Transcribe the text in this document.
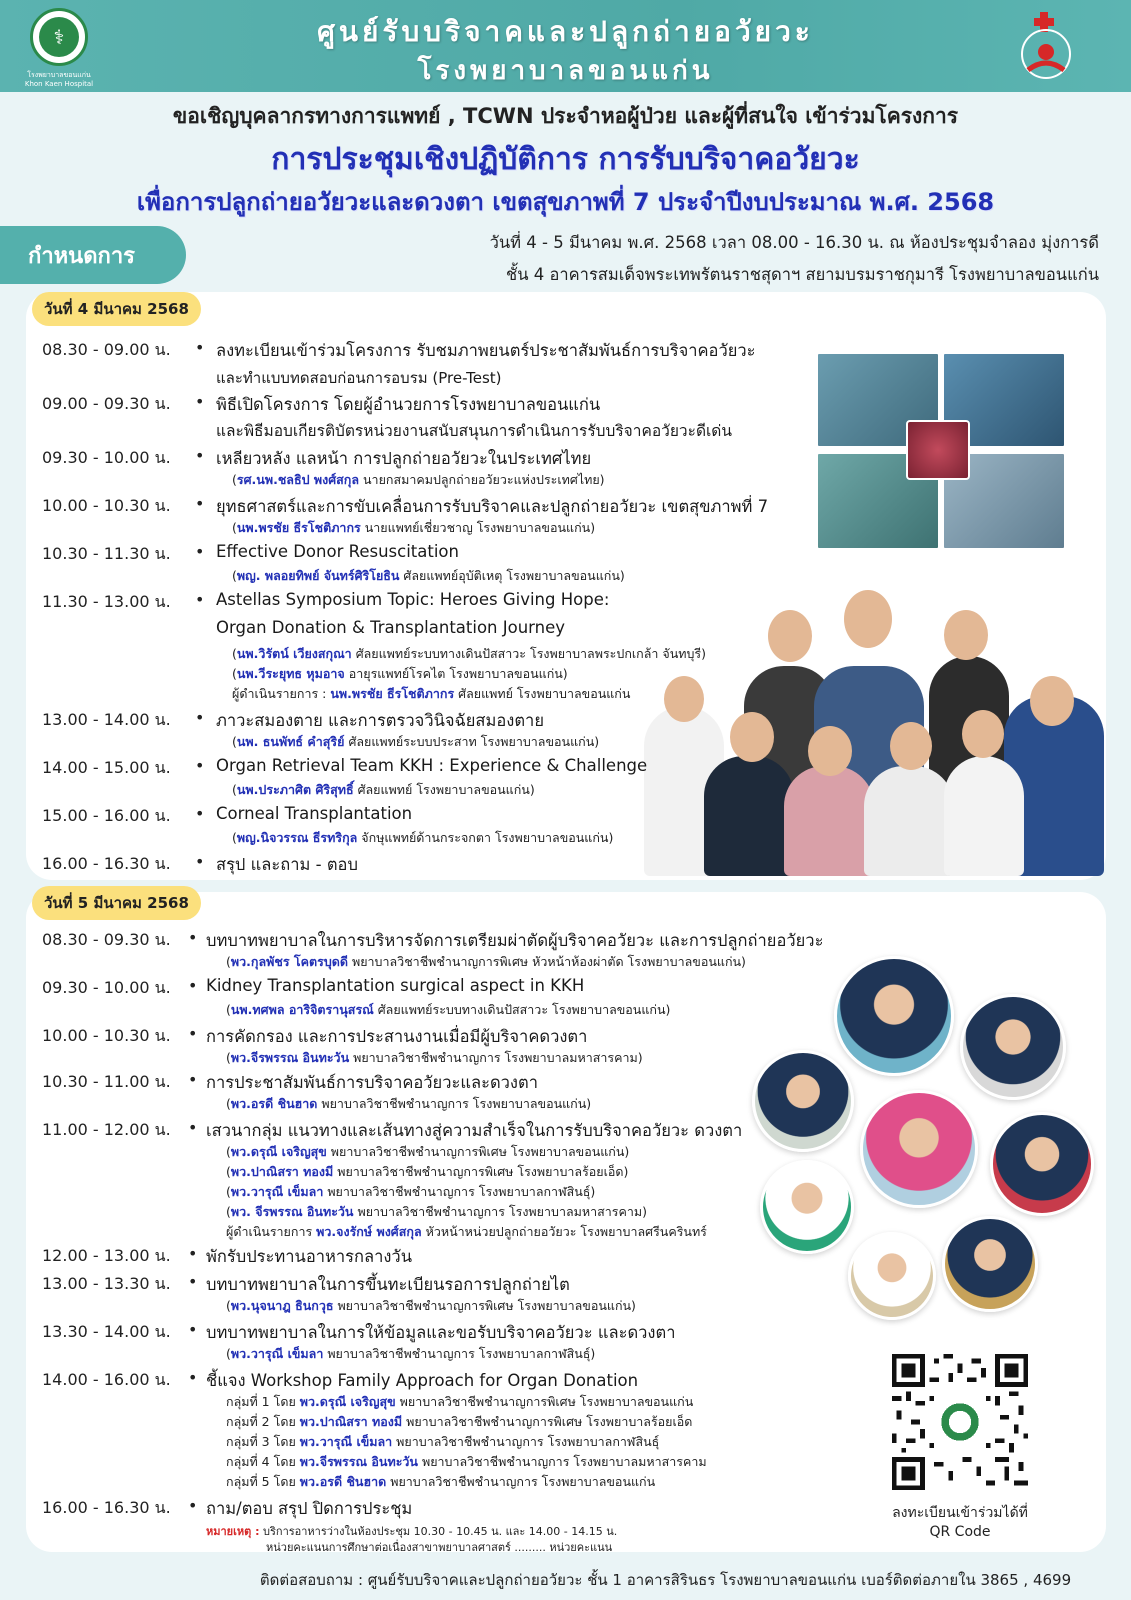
⚕
โรงพยาบาลขอนแก่น
Khon Kaen Hospital
ศูนย์รับบริจาคและปลูกถ่ายอวัยวะ
โรงพยาบาลขอนแก่น
ขอเชิญบุคลากรทางการแพทย์ , TCWN ประจำหอผู้ป่วย และผู้ที่สนใจ เข้าร่วมโครงการ
การประชุมเชิงปฏิบัติการ การรับบริจาคอวัยวะ
เพื่อการปลูกถ่ายอวัยวะและดวงตา เขตสุขภาพที่ 7 ประจำปีงบประมาณ พ.ศ. 2568
กำหนดการ
วันที่ 4 - 5 มีนาคม พ.ศ. 2568 เวลา 08.00 - 16.30 น. ณ ห้องประชุมจำลอง มุ่งการดี
ชั้น 4 อาคารสมเด็จพระเทพรัตนราชสุดาฯ สยามบรมราชกุมารี โรงพยาบาลขอนแก่น
วันที่ 4 มีนาคม 2568
วันที่ 5 มีนาคม 2568
08.30 - 09.00 น. • ลงทะเบียนเข้าร่วมโครงการ รับชมภาพยนตร์ประชาสัมพันธ์การบริจาคอวัยวะ
และทำแบบทดสอบก่อนการอบรม (Pre-Test)
09.00 - 09.30 น. • พิธีเปิดโครงการ โดยผู้อำนวยการโรงพยาบาลขอนแก่น
และพิธีมอบเกียรติบัตรหน่วยงานสนับสนุนการดำเนินการรับบริจาคอวัยวะดีเด่น
09.30 - 10.00 น. • เหลียวหลัง แลหน้า การปลูกถ่ายอวัยวะในประเทศไทย
(รศ.นพ.ชลธิป พงศ์สกุล นายกสมาคมปลูกถ่ายอวัยวะแห่งประเทศไทย)
10.00 - 10.30 น. • ยุทธศาสตร์และการขับเคลื่อนการรับบริจาคและปลูกถ่ายอวัยวะ เขตสุขภาพที่ 7
(นพ.พรชัย ธีรโชติภากร นายแพทย์เชี่ยวชาญ โรงพยาบาลขอนแก่น)
10.30 - 11.30 น. • Effective Donor Resuscitation
(พญ. พลอยทิพย์ จันทร์ศิริโยธิน ศัลยแพทย์อุบัติเหตุ โรงพยาบาลขอนแก่น)
11.30 - 13.00 น. • Astellas Symposium Topic: Heroes Giving Hope:
Organ Donation & Transplantation Journey
(นพ.วิรัตน์ เวียงสกุณา ศัลยแพทย์ระบบทางเดินปัสสาวะ โรงพยาบาลพระปกเกล้า จันทบุรี)
(นพ.วีระยุทธ หุมอาจ อายุรแพทย์โรคไต โรงพยาบาลขอนแก่น)
ผู้ดำเนินรายการ : นพ.พรชัย ธีรโชติภากร ศัลยแพทย์ โรงพยาบาลขอนแก่น
13.00 - 14.00 น. • ภาวะสมองตาย และการตรวจวินิจฉัยสมองตาย
(นพ. ธนพัทธ์ คำสุริย์ ศัลยแพทย์ระบบประสาท โรงพยาบาลขอนแก่น)
14.00 - 15.00 น. • Organ Retrieval Team KKH : Experience & Challenge
(นพ.ประภาศิต ศิริสุทธิ์ ศัลยแพทย์ โรงพยาบาลขอนแก่น)
15.00 - 16.00 น. • Corneal Transplantation
(พญ.นิจวรรณ ธีรทริกุล จักษุแพทย์ด้านกระจกตา โรงพยาบาลขอนแก่น)
16.00 - 16.30 น. • สรุป และถาม - ตอบ
08.30 - 09.30 น. • บทบาทพยาบาลในการบริหารจัดการเตรียมผ่าตัดผู้บริจาคอวัยวะ และการปลูกถ่ายอวัยวะ
(พว.กุลพัชร โคตรบุดดี พยาบาลวิชาชีพชำนาญการพิเศษ หัวหน้าห้องผ่าตัด โรงพยาบาลขอนแก่น)
09.30 - 10.00 น. • Kidney Transplantation surgical aspect in KKH
(นพ.ทศพล อาริจิตรานุสรณ์ ศัลยแพทย์ระบบทางเดินปัสสาวะ โรงพยาบาลขอนแก่น)
10.00 - 10.30 น. • การคัดกรอง และการประสานงานเมื่อมีผู้บริจาคดวงตา
(พว.จีรพรรณ อินทะวัน พยาบาลวิชาชีพชำนาญการ โรงพยาบาลมหาสารคาม)
10.30 - 11.00 น. • การประชาสัมพันธ์การบริจาคอวัยวะและดวงตา
(พว.อรดี ชินฮาด พยาบาลวิชาชีพชำนาญการ โรงพยาบาลขอนแก่น)
11.00 - 12.00 น. • เสวนากลุ่ม แนวทางและเส้นทางสู่ความสำเร็จในการรับบริจาคอวัยวะ ดวงตา
(พว.ดรุณี เจริญสุข พยาบาลวิชาชีพชำนาญการพิเศษ โรงพยาบาลขอนแก่น)
(พว.ปาณิสรา ทองมี พยาบาลวิชาชีพชำนาญการพิเศษ โรงพยาบาลร้อยเอ็ด)
(พว.วารุณี เข็มลา พยาบาลวิชาชีพชำนาญการ โรงพยาบาลกาฬสินธุ์)
(พว. จีรพรรณ อินทะวัน พยาบาลวิชาชีพชำนาญการ โรงพยาบาลมหาสารคาม)
ผู้ดำเนินรายการ พว.จงรักษ์ พงศ์สกุล หัวหน้าหน่วยปลูกถ่ายอวัยวะ โรงพยาบาลศรีนครินทร์
12.00 - 13.00 น. • พักรับประทานอาหารกลางวัน
13.00 - 13.30 น. • บทบาทพยาบาลในการขึ้นทะเบียนรอการปลูกถ่ายไต
(พว.นุจนาฎ ธินกวุธ พยาบาลวิชาชีพชำนาญการพิเศษ โรงพยาบาลขอนแก่น)
13.30 - 14.00 น. • บทบาทพยาบาลในการให้ข้อมูลและขอรับบริจาคอวัยวะ และดวงตา
(พว.วารุณี เข็มลา พยาบาลวิชาชีพชำนาญการ โรงพยาบาลกาฬสินธุ์)
14.00 - 16.00 น. • ชี้แจง Workshop Family Approach for Organ Donation
กลุ่มที่ 1 โดย พว.ดรุณี เจริญสุข พยาบาลวิชาชีพชำนาญการพิเศษ โรงพยาบาลขอนแก่น
กลุ่มที่ 2 โดย พว.ปาณิสรา ทองมี พยาบาลวิชาชีพชำนาญการพิเศษ โรงพยาบาลร้อยเอ็ด
กลุ่มที่ 3 โดย พว.วารุณี เข็มลา พยาบาลวิชาชีพชำนาญการ โรงพยาบาลกาฬสินธุ์
กลุ่มที่ 4 โดย พว.จีรพรรณ อินทะวัน พยาบาลวิชาชีพชำนาญการ โรงพยาบาลมหาสารคาม
กลุ่มที่ 5 โดย พว.อรดี ชินฮาด พยาบาลวิชาชีพชำนาญการ โรงพยาบาลขอนแก่น
16.00 - 16.30 น. • ถาม/ตอบ สรุป ปิดการประชุม
หมายเหตุ : บริการอาหารว่างในห้องประชุม 10.30 - 10.45 น. และ 14.00 - 14.15 น.
หน่วยคะแนนการศึกษาต่อเนื่องสาขาพยาบาลศาสตร์ ......... หน่วยคะแนน
ลงทะเบียนเข้าร่วมได้ที่
QR Code
ติดต่อสอบถาม : ศูนย์รับบริจาคและปลูกถ่ายอวัยวะ ชั้น 1 อาคารสิรินธร โรงพยาบาลขอนแก่น เบอร์ติดต่อภายใน 3865 , 4699
